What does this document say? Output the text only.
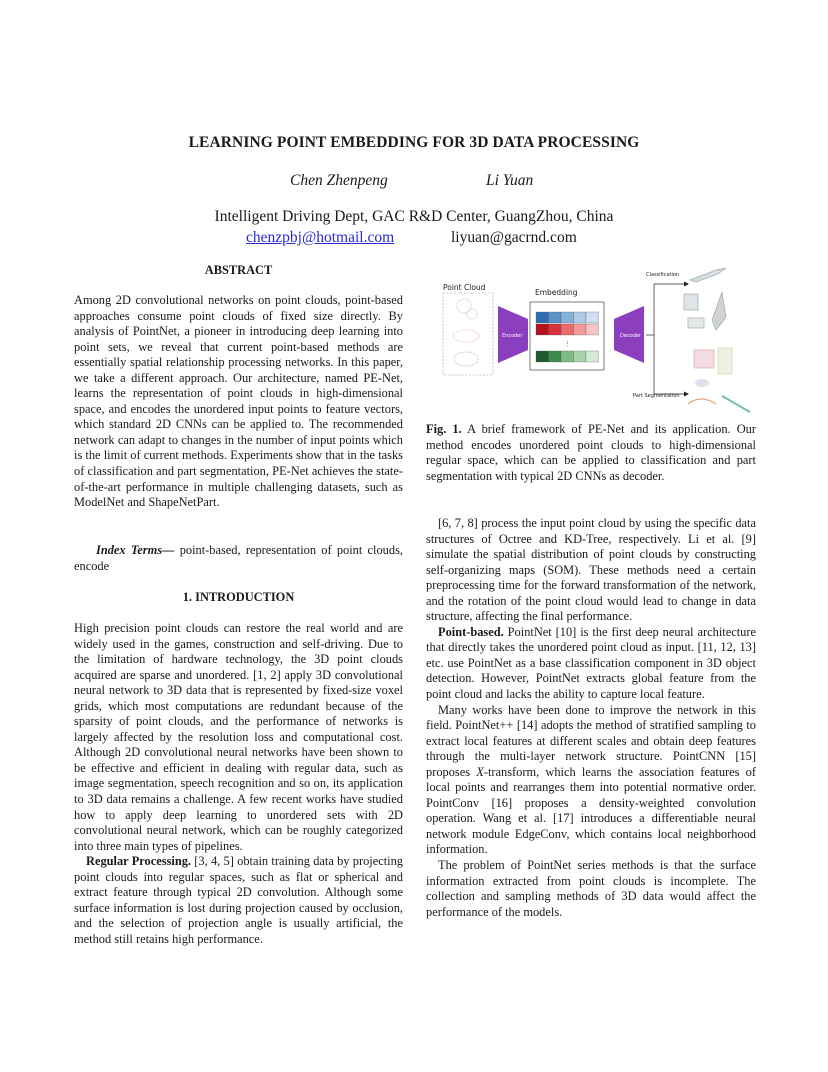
LEARNING POINT EMBEDDING FOR 3D DATA PROCESSING
Chen Zhenpeng	Li Yuan
Intelligent Driving Dept, GAC R&D Center, GuangZhou, China
chenzpbj@hotmail.com	liyuan@gacrnd.com
ABSTRACT

Among 2D convolutional networks on point clouds, point-based approaches consume point clouds of fixed size directly. By analysis of PointNet, a pioneer in introducing deep learning into point sets, we reveal that current point-based methods are essentially spatial relationship processing networks. In this paper, we take a different approach. Our architecture, named PE-Net, learns the representation of point clouds in high-dimensional space, and encodes the unordered input points to feature vectors, which standard 2D CNNs can be applied to. The recommended network can adapt to changes in the number of input points which is the limit of current methods. Experiments show that in the tasks of classification and part segmentation, PE-Net achieves the state-of-the-art performance in multiple challenging datasets, such as ModelNet and ShapeNetPart.

Index Terms— point-based, representation of point clouds, encode

1. INTRODUCTION

High precision point clouds can restore the real world and are widely used in the games, construction and self-driving. Due to the limitation of hardware technology, the 3D point clouds acquired are sparse and unordered. [1, 2] apply 3D convolutional neural network to 3D data that is represented by fixed-size voxel grids, which most computations are redundant because of the sparsity of point clouds, and the performance of networks is largely affected by the resolution loss and computational cost. Although 2D convolutional neural networks have been shown to be effective and efficient in dealing with regular data, such as image segmentation, speech recognition and so on, its application to 3D data remains a challenge. A few recent works have studied how to apply deep learning to unordered sets with 2D convolutional neural network, which can be roughly categorized into three main types of pipelines.

Regular Processing. [3, 4, 5] obtain training data by projecting point clouds into regular spaces, such as flat or spherical and extract feature through typical 2D convolution. Although some surface information is lost during projection caused by occlusion, and the selection of projection angle is usually artificial, the method still retains high performance.

Point Cloud
Embedding
Encoder
⋮
Decoder
Classification
Part Segmentation

Fig. 1. A brief framework of PE-Net and its application. Our method encodes unordered point clouds to high-dimensional regular space, which can be applied to classification and part segmentation with typical 2D CNNs as decoder.

[6, 7, 8] process the input point cloud by using the specific data structures of Octree and KD-Tree, respectively. Li et al. [9] simulate the spatial distribution of point clouds by constructing self-organizing maps (SOM). These methods need a certain preprocessing time for the forward transformation of the network, and the rotation of the point cloud would lead to change in data structure, affecting the final performance.

Point-based. PointNet [10] is the first deep neural architecture that directly takes the unordered point cloud as input. [11, 12, 13] etc. use PointNet as a base classification component in 3D object detection. However, PointNet extracts global feature from the point cloud and lacks the ability to capture local feature.

Many works have been done to improve the network in this field. PointNet++ [14] adopts the method of stratified sampling to extract local features at different scales and obtain deep features through the multi-layer network structure. PointCNN [15] proposes X-transform, which learns the association features of local points and rearranges them into potential normative order. PointConv [16] proposes a density-weighted convolution operation. Wang et al. [17] introduces a differentiable neural network module EdgeConv, which contains local neighborhood information.

The problem of PointNet series methods is that the surface information extracted from point clouds is incomplete. The collection and sampling methods of 3D data would affect the performance of the models.
